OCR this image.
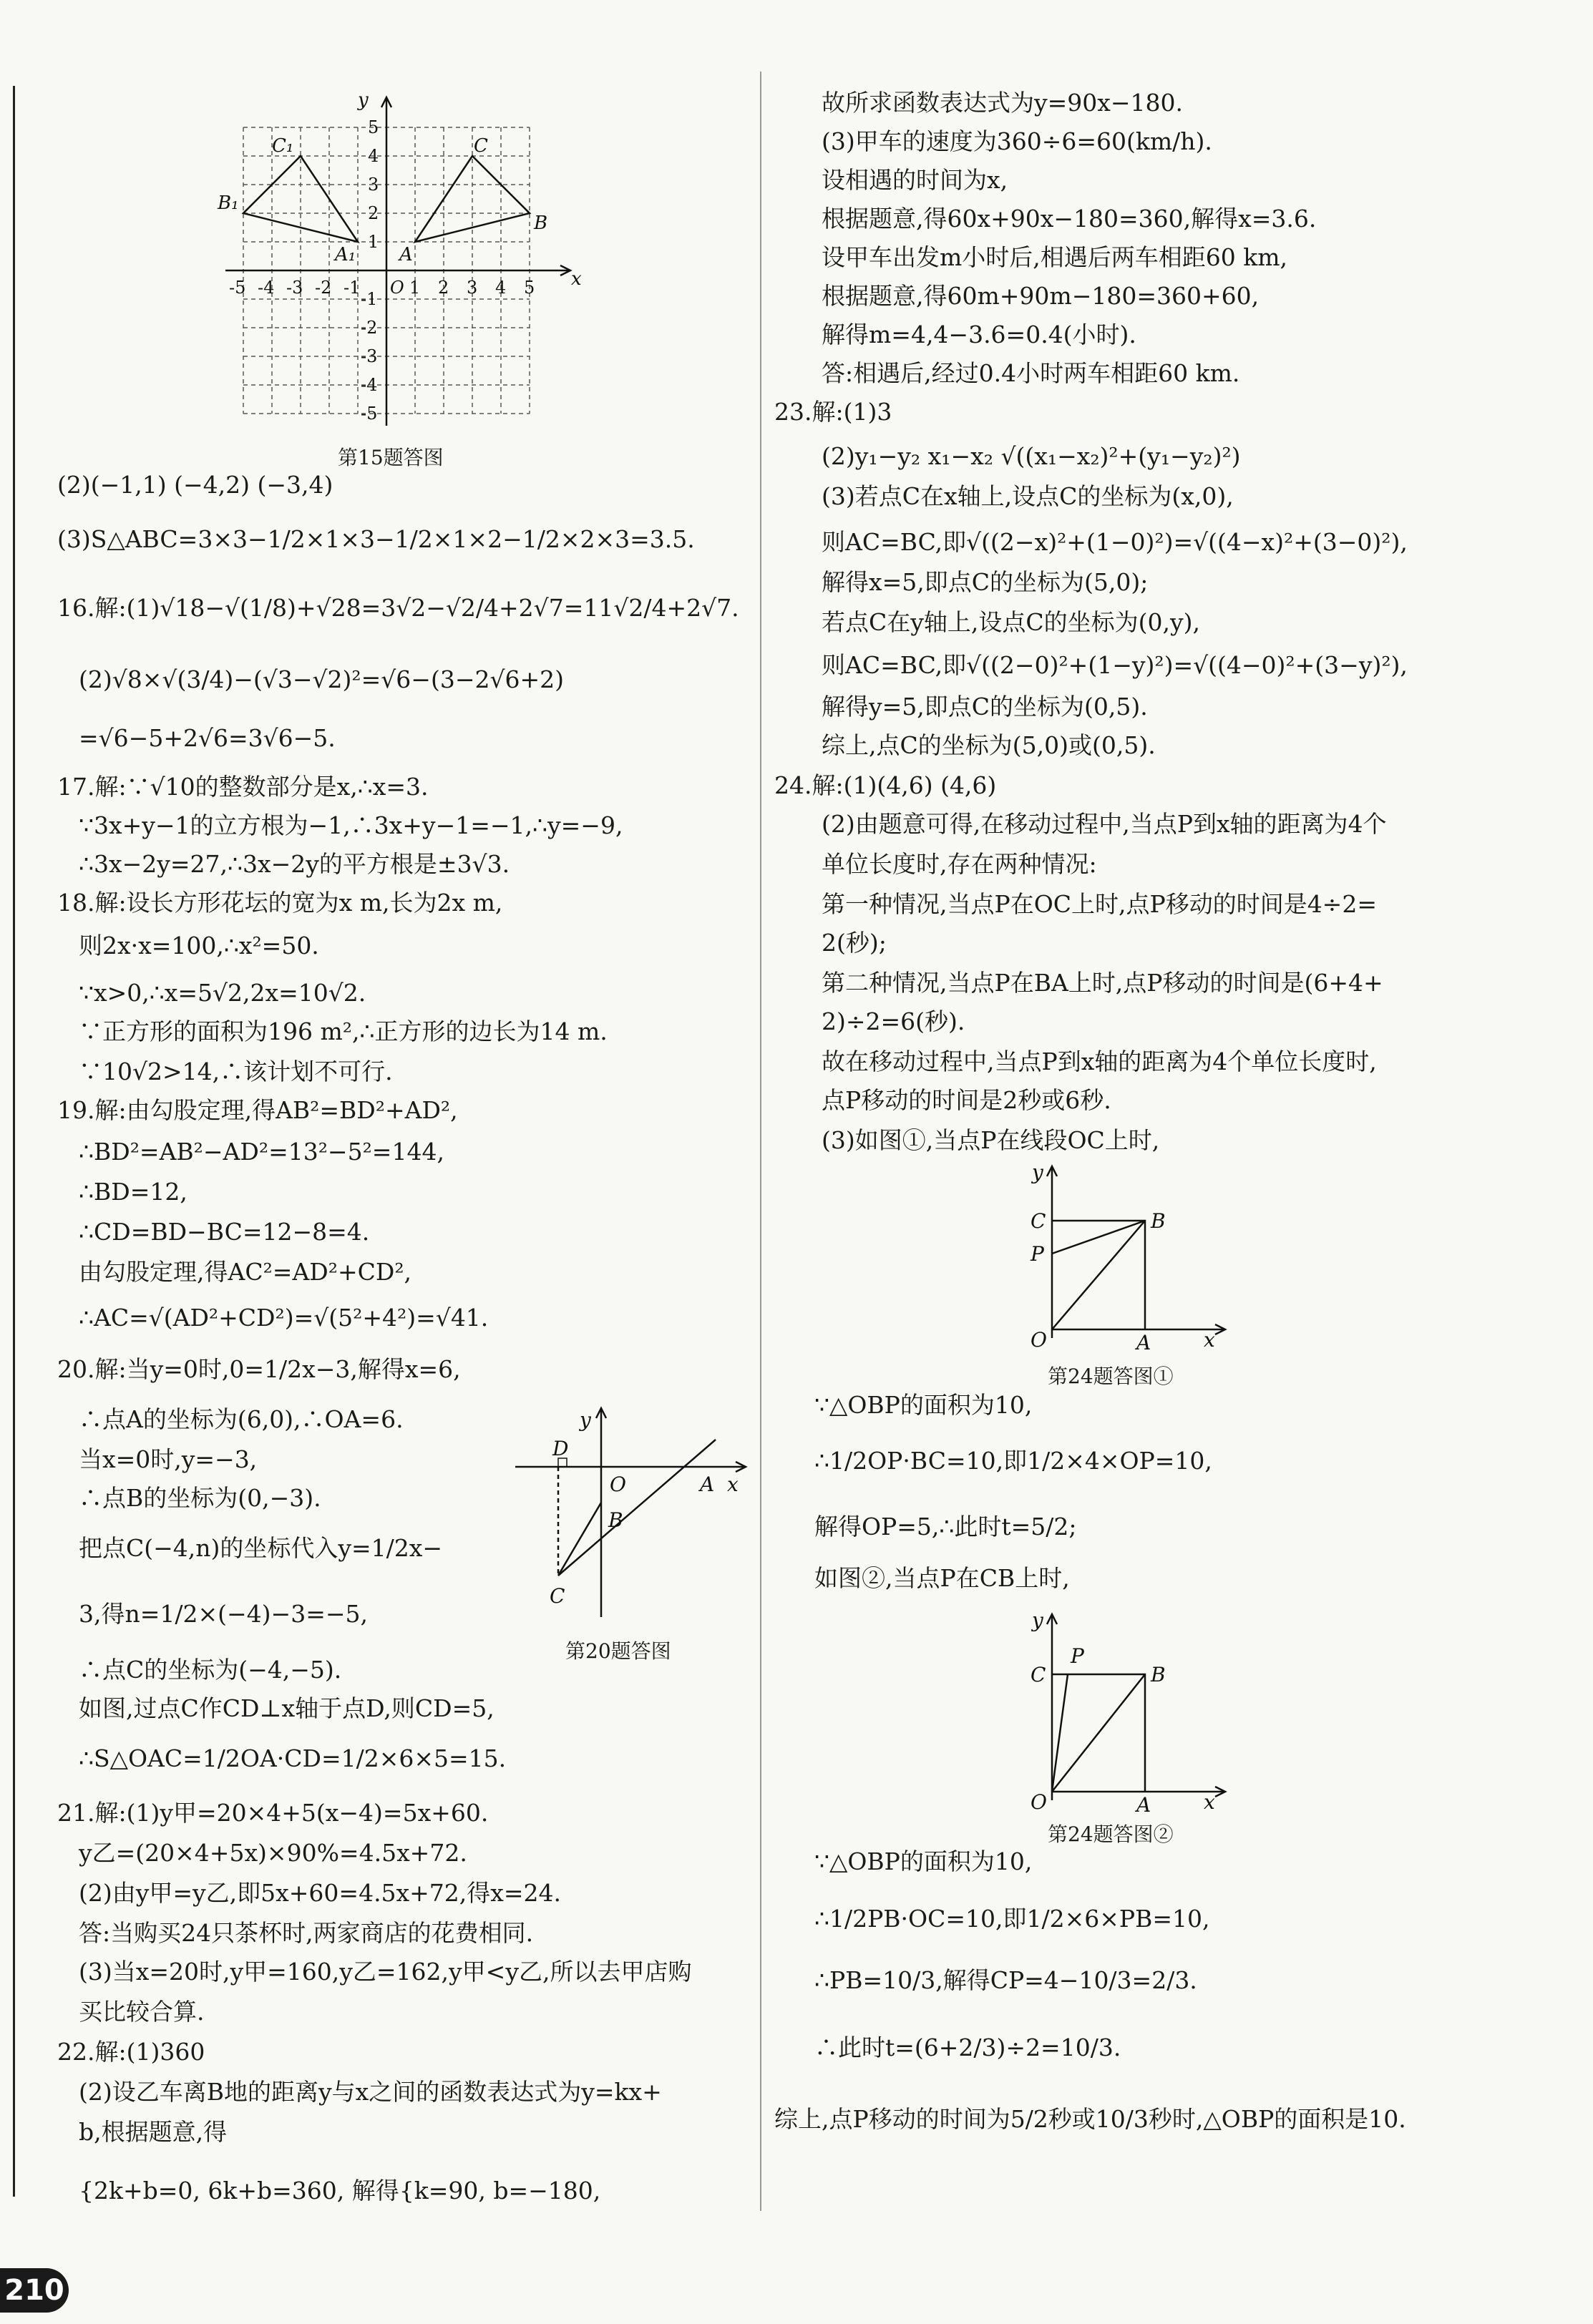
x
y
C₁
B₁
A₁
C
B
A
-5 -4 -3 -2 -1 O 1 2 3 4 5
5
4
3
2
1
-1
-2
-3
-4
-5
第15题答图
(2)(−1,1) (−4,2) (−3,4)
(3)S△ABC=3×3−1/2×1×3−1/2×1×2−1/2×2×3=3.5.
16.解:(1)√18−√(1/8)+√28=3√2−√2/4+2√7=11√2/4+2√7.
(2)√8×√(3/4)−(√3−√2)²=√6−(3−2√6+2)
=√6−5+2√6=3√6−5.
17.解:∵√10的整数部分是x,∴x=3.
∵3x+y−1的立方根为−1,∴3x+y−1=−1,∴y=−9,
∴3x−2y=27,∴3x−2y的平方根是±3√3.
18.解:设长方形花坛的宽为x m,长为2x m,
则2x·x=100,∴x²=50.
∵x>0,∴x=5√2,2x=10√2.
∵正方形的面积为196 m²,∴正方形的边长为14 m.
∵10√2>14,∴该计划不可行.
19.解:由勾股定理,得AB²=BD²+AD²,
∴BD²=AB²−AD²=13²−5²=144,
∴BD=12,
∴CD=BD−BC=12−8=4.
由勾股定理,得AC²=AD²+CD²,
∴AC=√(AD²+CD²)=√(5²+4²)=√41.
20.解:当y=0时,0=1/2x−3,解得x=6,
∴点A的坐标为(6,0),∴OA=6.
当x=0时,y=−3,
∴点B的坐标为(0,−3).
把点C(−4,n)的坐标代入y=1/2x−
3,得n=1/2×(−4)−3=−5,
∴点C的坐标为(−4,−5).
如图,过点C作CD⊥x轴于点D,则CD=5,
∴S△OAC=1/2OA·CD=1/2×6×5=15.
21.解:(1)y甲=20×4+5(x−4)=5x+60.
y乙=(20×4+5x)×90%=4.5x+72.
(2)由y甲=y乙,即5x+60=4.5x+72,得x=24.
答:当购买24只茶杯时,两家商店的花费相同.
(3)当x=20时,y甲=160,y乙=162,y甲<y乙,所以去甲店购
买比较合算.
22.解:(1)360
(2)设乙车离B地的距离y与x之间的函数表达式为y=kx+
b,根据题意,得
{2k+b=0, 6k+b=360, 解得{k=90, b=−180,
y
x
D
O	A
B
C
第20题答图
故所求函数表达式为y=90x−180.
(3)甲车的速度为360÷6=60(km/h).
设相遇的时间为x,
根据题意,得60x+90x−180=360,解得x=3.6.
设甲车出发m小时后,相遇后两车相距60 km,
根据题意,得60m+90m−180=360+60,
解得m=4,4−3.6=0.4(小时).
答:相遇后,经过0.4小时两车相距60 km.
23.解:(1)3
(2)y₁−y₂ x₁−x₂ √((x₁−x₂)²+(y₁−y₂)²)
(3)若点C在x轴上,设点C的坐标为(x,0),
则AC=BC,即√((2−x)²+(1−0)²)=√((4−x)²+(3−0)²),
解得x=5,即点C的坐标为(5,0);
若点C在y轴上,设点C的坐标为(0,y),
则AC=BC,即√((2−0)²+(1−y)²)=√((4−0)²+(3−y)²),
解得y=5,即点C的坐标为(0,5).
综上,点C的坐标为(5,0)或(0,5).
24.解:(1)(4,6) (4,6)
(2)由题意可得,在移动过程中,当点P到x轴的距离为4个
单位长度时,存在两种情况:
第一种情况,当点P在OC上时,点P移动的时间是4÷2=
2(秒);
第二种情况,当点P在BA上时,点P移动的时间是(6+4+
2)÷2=6(秒).
故在移动过程中,当点P到x轴的距离为4个单位长度时,
点P移动的时间是2秒或6秒.
(3)如图①,当点P在线段OC上时,
y
C
P
B
O	A	x
第24题答图①
∵△OBP的面积为10,
∴1/2OP·BC=10,即1/2×4×OP=10,
解得OP=5,∴此时t=5/2;
如图②,当点P在CB上时,
y
P
C	B
O	A	x
第24题答图②
∵△OBP的面积为10,
∴1/2PB·OC=10,即1/2×6×PB=10,
∴PB=10/3,解得CP=4−10/3=2/3.
∴此时t=(6+2/3)÷2=10/3.
综上,点P移动的时间为5/2秒或10/3秒时,△OBP的面积是10.
210
